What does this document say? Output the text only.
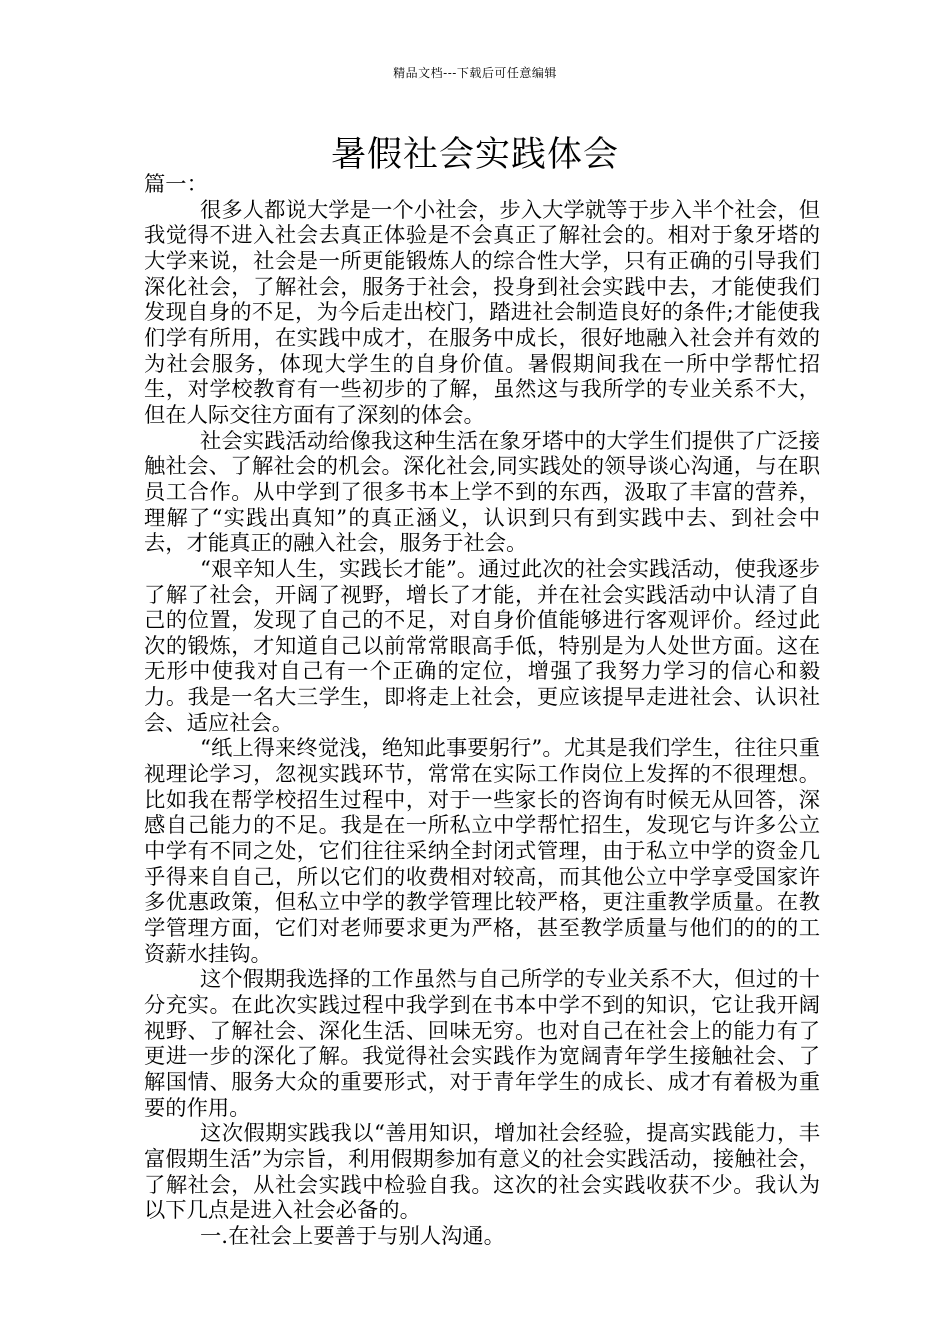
精品文档---下载后可任意编辑
暑假社会实践体会

篇一：

很多人都说大学是一个小社会，步入大学就等于步入半个社会，但我觉得不进入社会去真正体验是不会真正了解社会的。相对于象牙塔的大学来说，社会是一所更能锻炼人的综合性大学，只有正确的引导我们深化社会，了解社会，服务于社会，投身到社会实践中去，才能使我们发现自身的不足，为今后走出校门，踏进社会制造良好的条件;才能使我们学有所用，在实践中成才，在服务中成长，很好地融入社会并有效的为社会服务，体现大学生的自身价值。暑假期间我在一所中学帮忙招生，对学校教育有一些初步的了解，虽然这与我所学的专业关系不大，但在人际交往方面有了深刻的体会。

社会实践活动给像我这种生活在象牙塔中的大学生们提供了广泛接触社会、了解社会的机会。深化社会,同实践处的领导谈心沟通，与在职员工合作。从中学到了很多书本上学不到的东西，汲取了丰富的营养，理解了“实践出真知”的真正涵义，认识到只有到实践中去、到社会中去，才能真正的融入社会，服务于社会。

“艰辛知人生，实践长才能”。通过此次的社会实践活动，使我逐步了解了社会，开阔了视野，增长了才能，并在社会实践活动中认清了自己的位置，发现了自己的不足，对自身价值能够进行客观评价。经过此次的锻炼，才知道自己以前常常眼高手低，特别是为人处世方面。这在无形中使我对自己有一个正确的定位，增强了我努力学习的信心和毅力。我是一名大三学生，即将走上社会，更应该提早走进社会、认识社会、适应社会。

“纸上得来终觉浅，绝知此事要躬行”。尤其是我们学生，往往只重视理论学习，忽视实践环节，常常在实际工作岗位上发挥的不很理想。比如我在帮学校招生过程中，对于一些家长的咨询有时候无从回答，深感自己能力的不足。我是在一所私立中学帮忙招生，发现它与许多公立中学有不同之处，它们往往采纳全封闭式管理，由于私立中学的资金几乎得来自自己，所以它们的收费相对较高，而其他公立中学享受国家许多优惠政策，但私立中学的教学管理比较严格，更注重教学质量。在教学管理方面，它们对老师要求更为严格，甚至教学质量与他们的的的工资薪水挂钩。

这个假期我选择的工作虽然与自己所学的专业关系不大，但过的十分充实。在此次实践过程中我学到在书本中学不到的知识，它让我开阔视野、了解社会、深化生活、回味无穷。也对自己在社会上的能力有了更进一步的深化了解。我觉得社会实践作为宽阔青年学生接触社会、了解国情、服务大众的重要形式，对于青年学生的成长、成才有着极为重要的作用。

这次假期实践我以“善用知识，增加社会经验，提高实践能力，丰富假期生活”为宗旨，利用假期参加有意义的社会实践活动，接触社会，了解社会，从社会实践中检验自我。这次的社会实践收获不少。我认为以下几点是进入社会必备的。

一.在社会上要善于与别人沟通。
